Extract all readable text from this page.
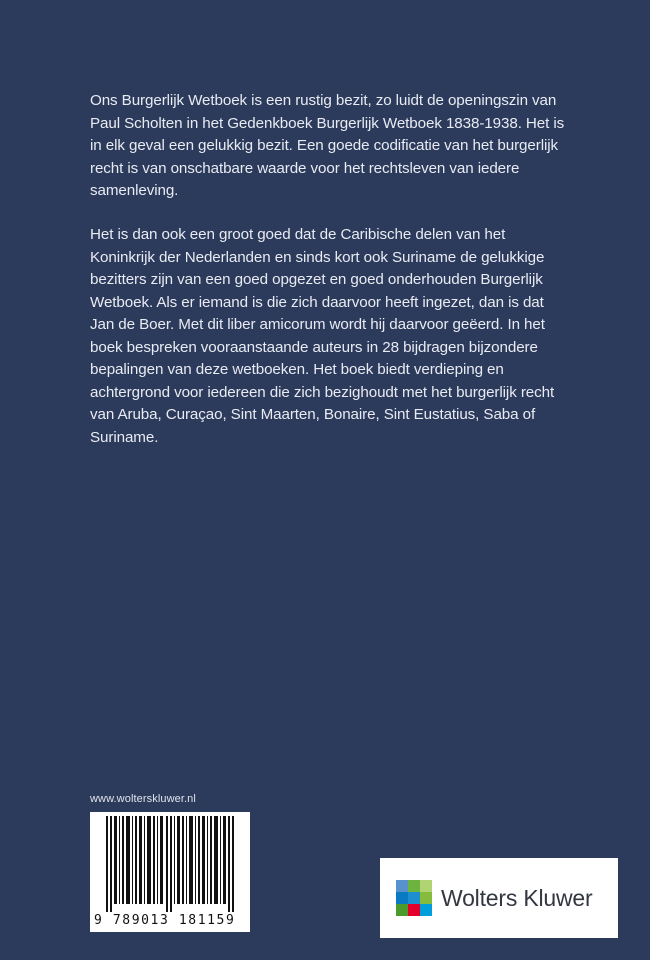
Ons Burgerlijk Wetboek is een rustig bezit, zo luidt de openingszin van Paul Scholten in het Gedenkboek Burgerlijk Wetboek 1838-1938. Het is in elk geval een gelukkig bezit. Een goede codificatie van het burgerlijk recht is van onschatbare waarde voor het rechtsleven van iedere samenleving.

Het is dan ook een groot goed dat de Caribische delen van het Koninkrijk der Nederlanden en sinds kort ook Suriname de gelukkige bezitters zijn van een goed opgezet en goed onderhouden Burgerlijk Wetboek. Als er iemand is die zich daarvoor heeft ingezet, dan is dat Jan de Boer. Met dit liber amicorum wordt hij daarvoor geëerd. In het boek bespreken vooraanstaande auteurs in 28 bijdragen bijzondere bepalingen van deze wetboeken. Het boek biedt verdieping en achtergrond voor iedereen die zich bezighoudt met het burgerlijk recht van Aruba, Curaçao, Sint Maarten, Bonaire, Sint Eustatius, Saba of Suriname.

www.wolterskluwer.nl
9 789013 181159
Wolters Kluwer
